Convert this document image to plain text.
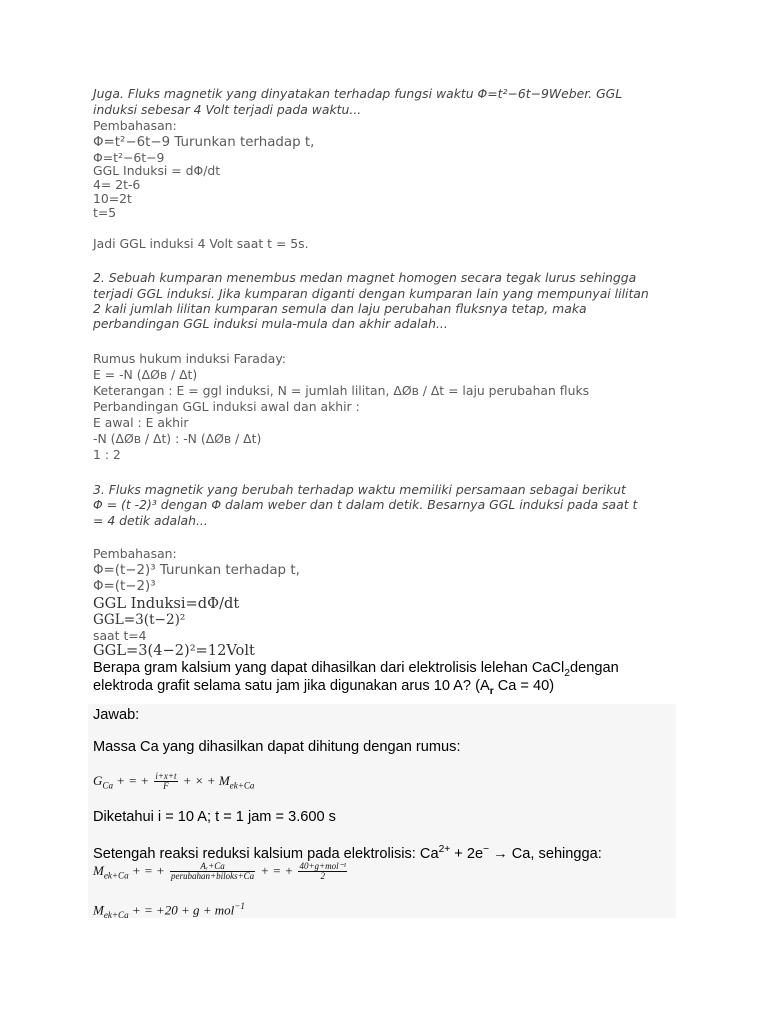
Juga. Fluks magnetik yang dinyatakan terhadap fungsi waktu Φ=t²−6t−9Weber. GGL
induksi sebesar 4 Volt terjadi pada waktu...
Pembahasan:
Φ=t²−6t−9 Turunkan terhadap t,
Φ=t²−6t−9
GGL Induksi = dΦ/dt
4= 2t-6
10=2t
t=5
Jadi GGL induksi 4 Volt saat t = 5s.
2. Sebuah kumparan menembus medan magnet homogen secara tegak lurus sehingga
terjadi GGL induksi. Jika kumparan diganti dengan kumparan lain yang mempunyai lilitan
2 kali jumlah lilitan kumparan semula dan laju perubahan fluksnya tetap, maka
perbandingan GGL induksi mula-mula dan akhir adalah...
Rumus hukum induksi Faraday:
E = -N (ΔØʙ / Δt)
Keterangan : E = ggl induksi, N = jumlah lilitan, ΔØʙ / Δt = laju perubahan fluks
Perbandingan GGL induksi awal dan akhir :
E awal : E akhir
-N (ΔØʙ / Δt) : -N (ΔØʙ / Δt)
1 : 2
3. Fluks magnetik yang berubah terhadap waktu memiliki persamaan sebagai berikut
Φ = (t -2)³ dengan Φ dalam weber dan t dalam detik. Besarnya GGL induksi pada saat t
= 4 detik adalah...
Pembahasan:
Φ=(t−2)³ Turunkan terhadap t,
Φ=(t−2)³
GGL Induksi=dΦ/dt
GGL=3(t−2)²
saat t=4
GGL=3(4−2)²=12Volt
Berapa gram kalsium yang dapat dihasilkan dari elektrolisis lelehan CaCl$_2$dengan
elektroda grafit selama satu jam jika digunakan arus 10 A? ($A_r$ Ca = 40)
Jawab:
Massa Ca yang dihasilkan dapat dihitung dengan rumus:
$G_{Ca}$ + = + $\frac{i+x+t}{F}$ + × + $M_{ek+Ca}$
Diketahui i = 10 A; t = 1 jam = 3.600 s
Setengah reaksi reduksi kalsium pada elektrolisis: $Ca^{2+} + 2e^- \to Ca$, sehingga:
$M_{ek+Ca}$ + = + $\frac{\text{Aᵣ+Ca}}{\text{perubahan+biloks+Ca}}$ + = + $\frac{\text{40+g+mol⁻¹}}{2}$
$M_{ek+Ca}$ + = +20 + g + mol$^{-1}$
